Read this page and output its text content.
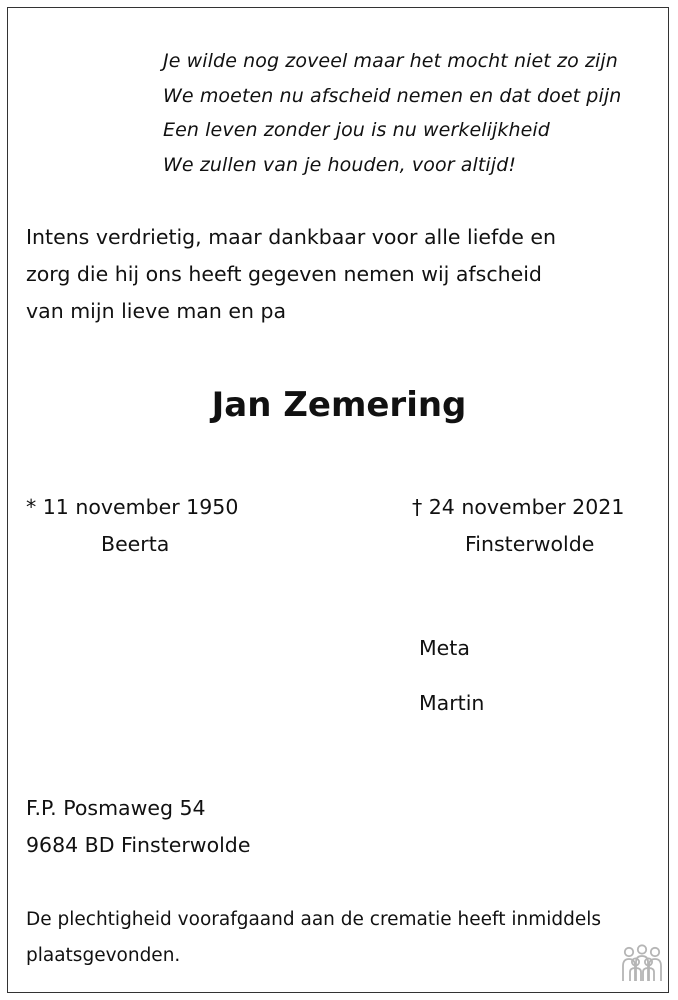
Je wilde nog zoveel maar het mocht niet zo zijn
We moeten nu afscheid nemen en dat doet pijn
Een leven zonder jou is nu werkelijkheid
We zullen van je houden, voor altijd!
Intens verdrietig, maar dankbaar voor alle liefde en
zorg die hij ons heeft gegeven nemen wij afscheid
van mijn lieve man en pa
Jan Zemering
* 11 november 1950
Beerta
† 24 november 2021
Finsterwolde
Meta
Martin
F.P. Posmaweg 54
9684 BD Finsterwolde
De plechtigheid voorafgaand aan de crematie heeft inmiddels
plaatsgevonden.
